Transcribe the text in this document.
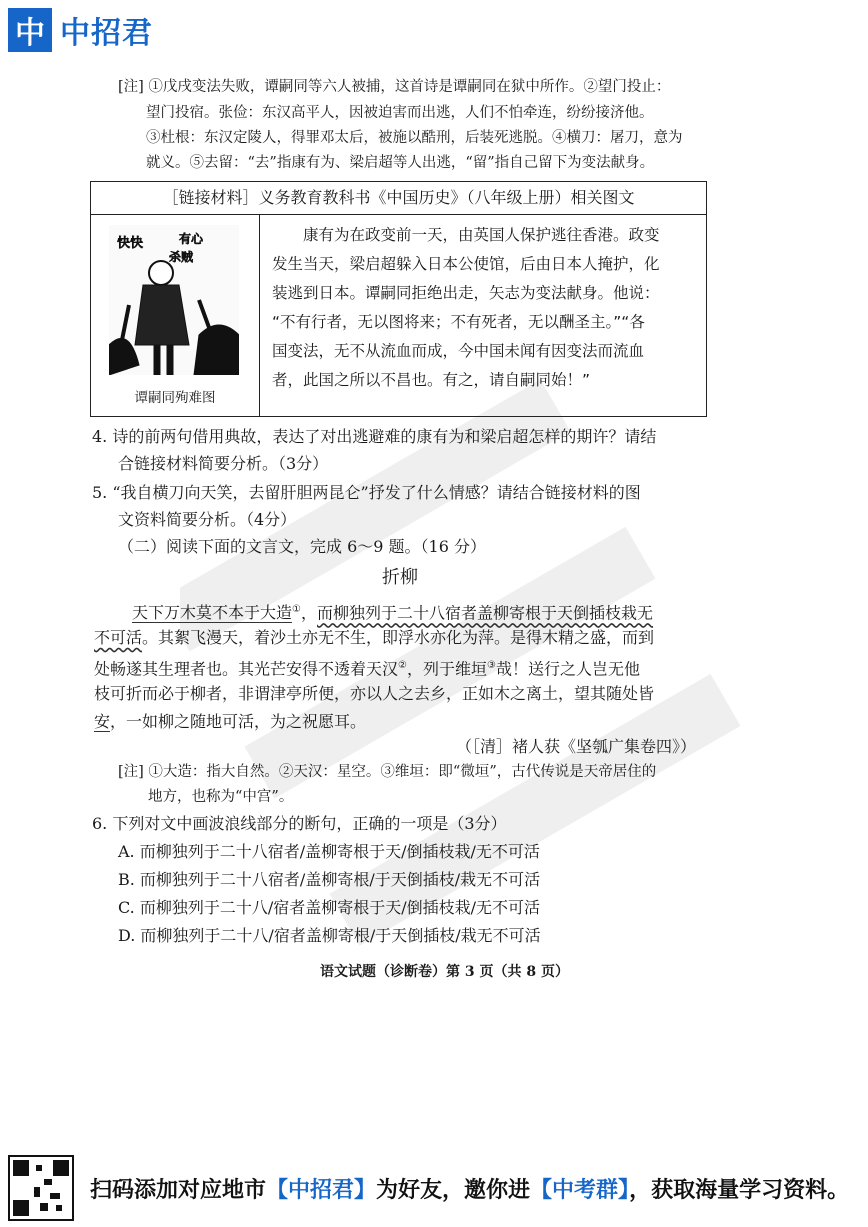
中 中招君
[注] ①戊戌变法失败，谭嗣同等六人被捕，这首诗是谭嗣同在狱中所作。②望门投止：
望门投宿。张俭：东汉高平人，因被迫害而出逃，人们不怕牵连，纷纷接济他。
③杜根：东汉定陵人，得罪邓太后，被施以酷刑，后装死逃脱。④横刀：屠刀，意为
就义。⑤去留：“去”指康有为、梁启超等人出逃，“留”指自己留下为变法献身。
［链接材料］义务教育教科书《中国历史》（八年级上册）相关图文

快快	有心
杀贼
谭嗣同殉难图

　　康有为在政变前一天，由英国人保护逃往香港。政变
发生当天，梁启超躲入日本公使馆，后由日本人掩护，化
装逃到日本。谭嗣同拒绝出走，矢志为变法献身。他说：
“不有行者，无以图将来；不有死者，无以酬圣主。”“各
国变法，无不从流血而成，今中国未闻有因变法而流血
者，此国之所以不昌也。有之，请自嗣同始！”
4. 诗的前两句借用典故，表达了对出逃避难的康有为和梁启超怎样的期许？请结
合链接材料简要分析。（3分）
5. “我自横刀向天笑，去留肝胆两昆仑”抒发了什么情感？请结合链接材料的图
文资料简要分析。（4分）
（二）阅读下面的文言文，完成 6～9 题。（16 分）
折柳
天下万木莫不本于大造①，而柳独列于二十八宿者盖柳寄根于天倒插枝栽无
不可活。其絮飞漫天，着沙土亦无不生，即浮水亦化为萍。是得木精之盛，而到
处畅遂其生理者也。其光芒安得不透着天汉②，列于维垣③哉！送行之人岂无他
枝可折而必于柳者，非谓津亭所便，亦以人之去乡，正如木之离土，望其随处皆
安，一如柳之随地可活，为之祝愿耳。
（［清］褚人获《坚瓠广集卷四》）
[注] ①大造：指大自然。②天汉：星空。③维垣：即“微垣”，古代传说是天帝居住的
地方，也称为“中宫”。
6. 下列对文中画波浪线部分的断句，正确的一项是（3分）
A. 而柳独列于二十八宿者/盖柳寄根于天/倒插枝栽/无不可活
B. 而柳独列于二十八宿者/盖柳寄根/于天倒插枝/栽无不可活
C. 而柳独列于二十八/宿者盖柳寄根于天/倒插枝栽/无不可活
D. 而柳独列于二十八/宿者盖柳寄根/于天倒插枝/栽无不可活
语文试题（诊断卷）第 3 页（共 8 页）
扫码添加对应地市【中招君】为好友，邀你进【中考群】，获取海量学习资料。
